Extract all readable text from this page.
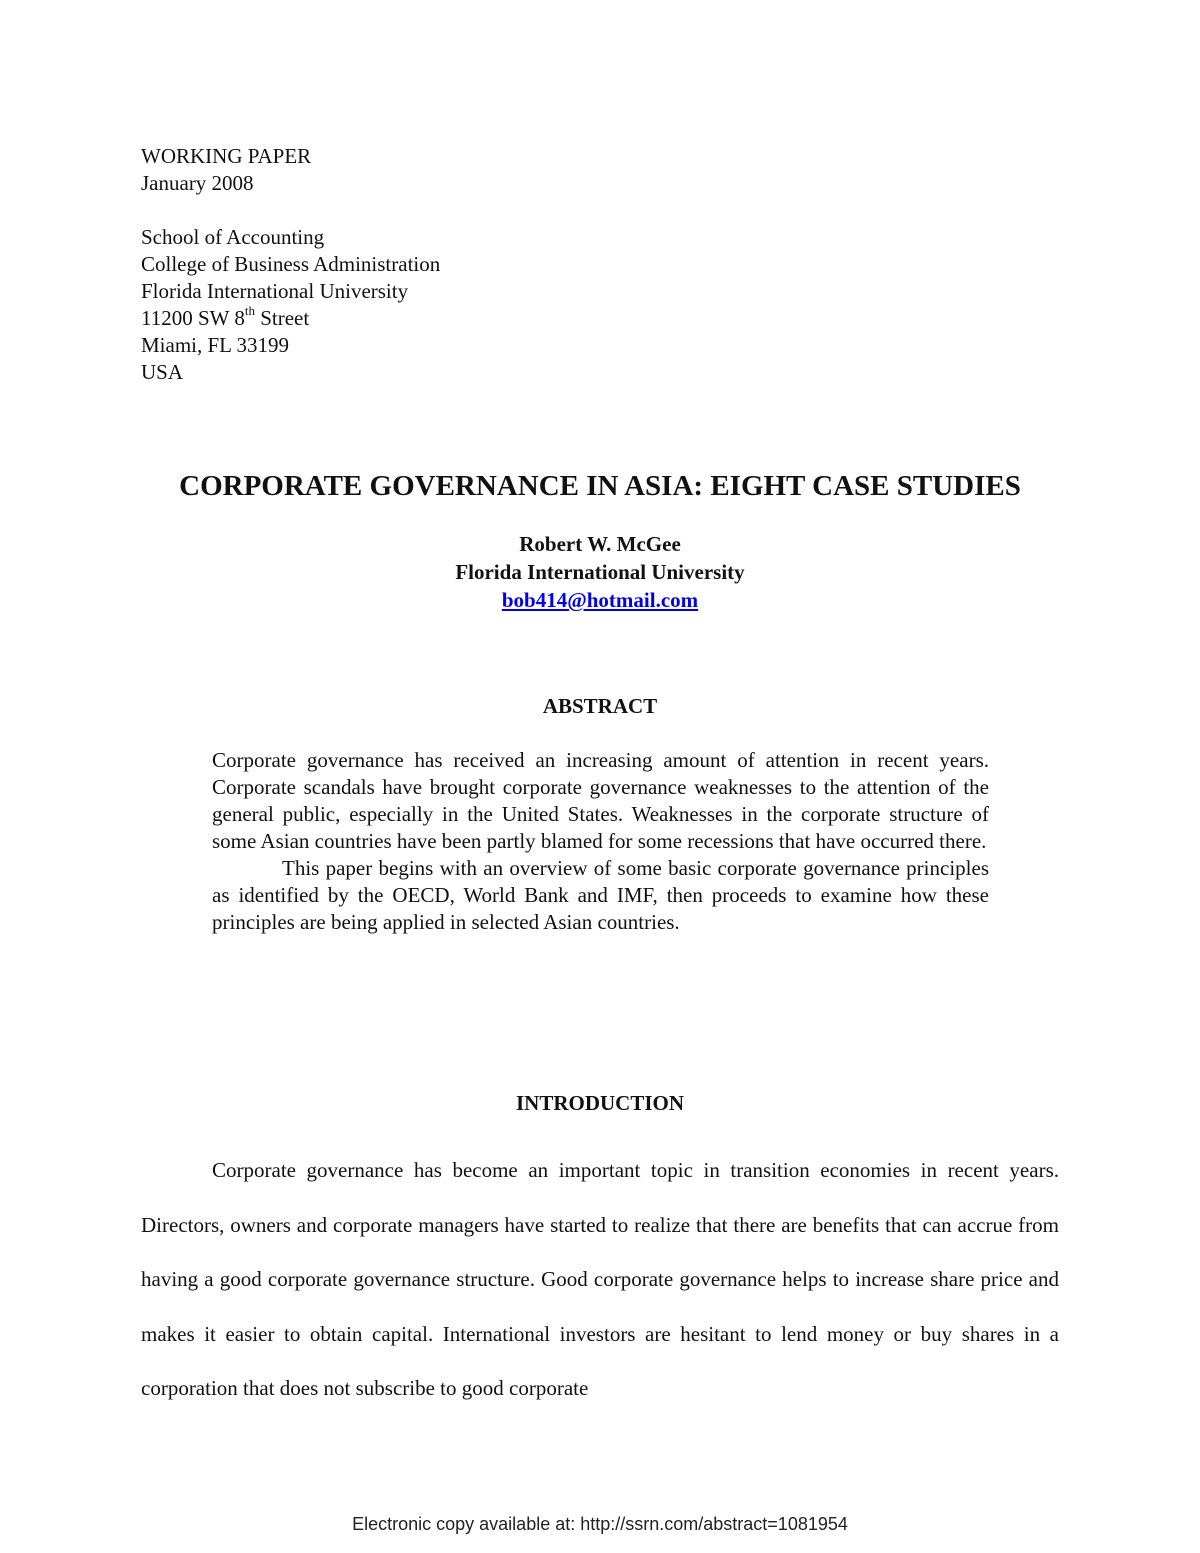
WORKING PAPER
January 2008
School of Accounting
College of Business Administration
Florida International University
11200 SW 8th Street
Miami, FL 33199
USA
CORPORATE GOVERNANCE IN ASIA: EIGHT CASE STUDIES
Robert W. McGee
Florida International University
bob414@hotmail.com
ABSTRACT

Corporate governance has received an increasing amount of attention in recent years. Corporate scandals have brought corporate governance weaknesses to the attention of the general public, especially in the United States. Weaknesses in the corporate structure of some Asian countries have been partly blamed for some recessions that have occurred there.

This paper begins with an overview of some basic corporate governance principles as identified by the OECD, World Bank and IMF, then proceeds to examine how these principles are being applied in selected Asian countries.

INTRODUCTION

Corporate governance has become an important topic in transition economies in recent years. Directors, owners and corporate managers have started to realize that there are benefits that can accrue from having a good corporate governance structure. Good corporate governance helps to increase share price and makes it easier to obtain capital. International investors are hesitant to lend money or buy shares in a corporation that does not subscribe to good corporate

Electronic copy available at: http://ssrn.com/abstract=1081954
